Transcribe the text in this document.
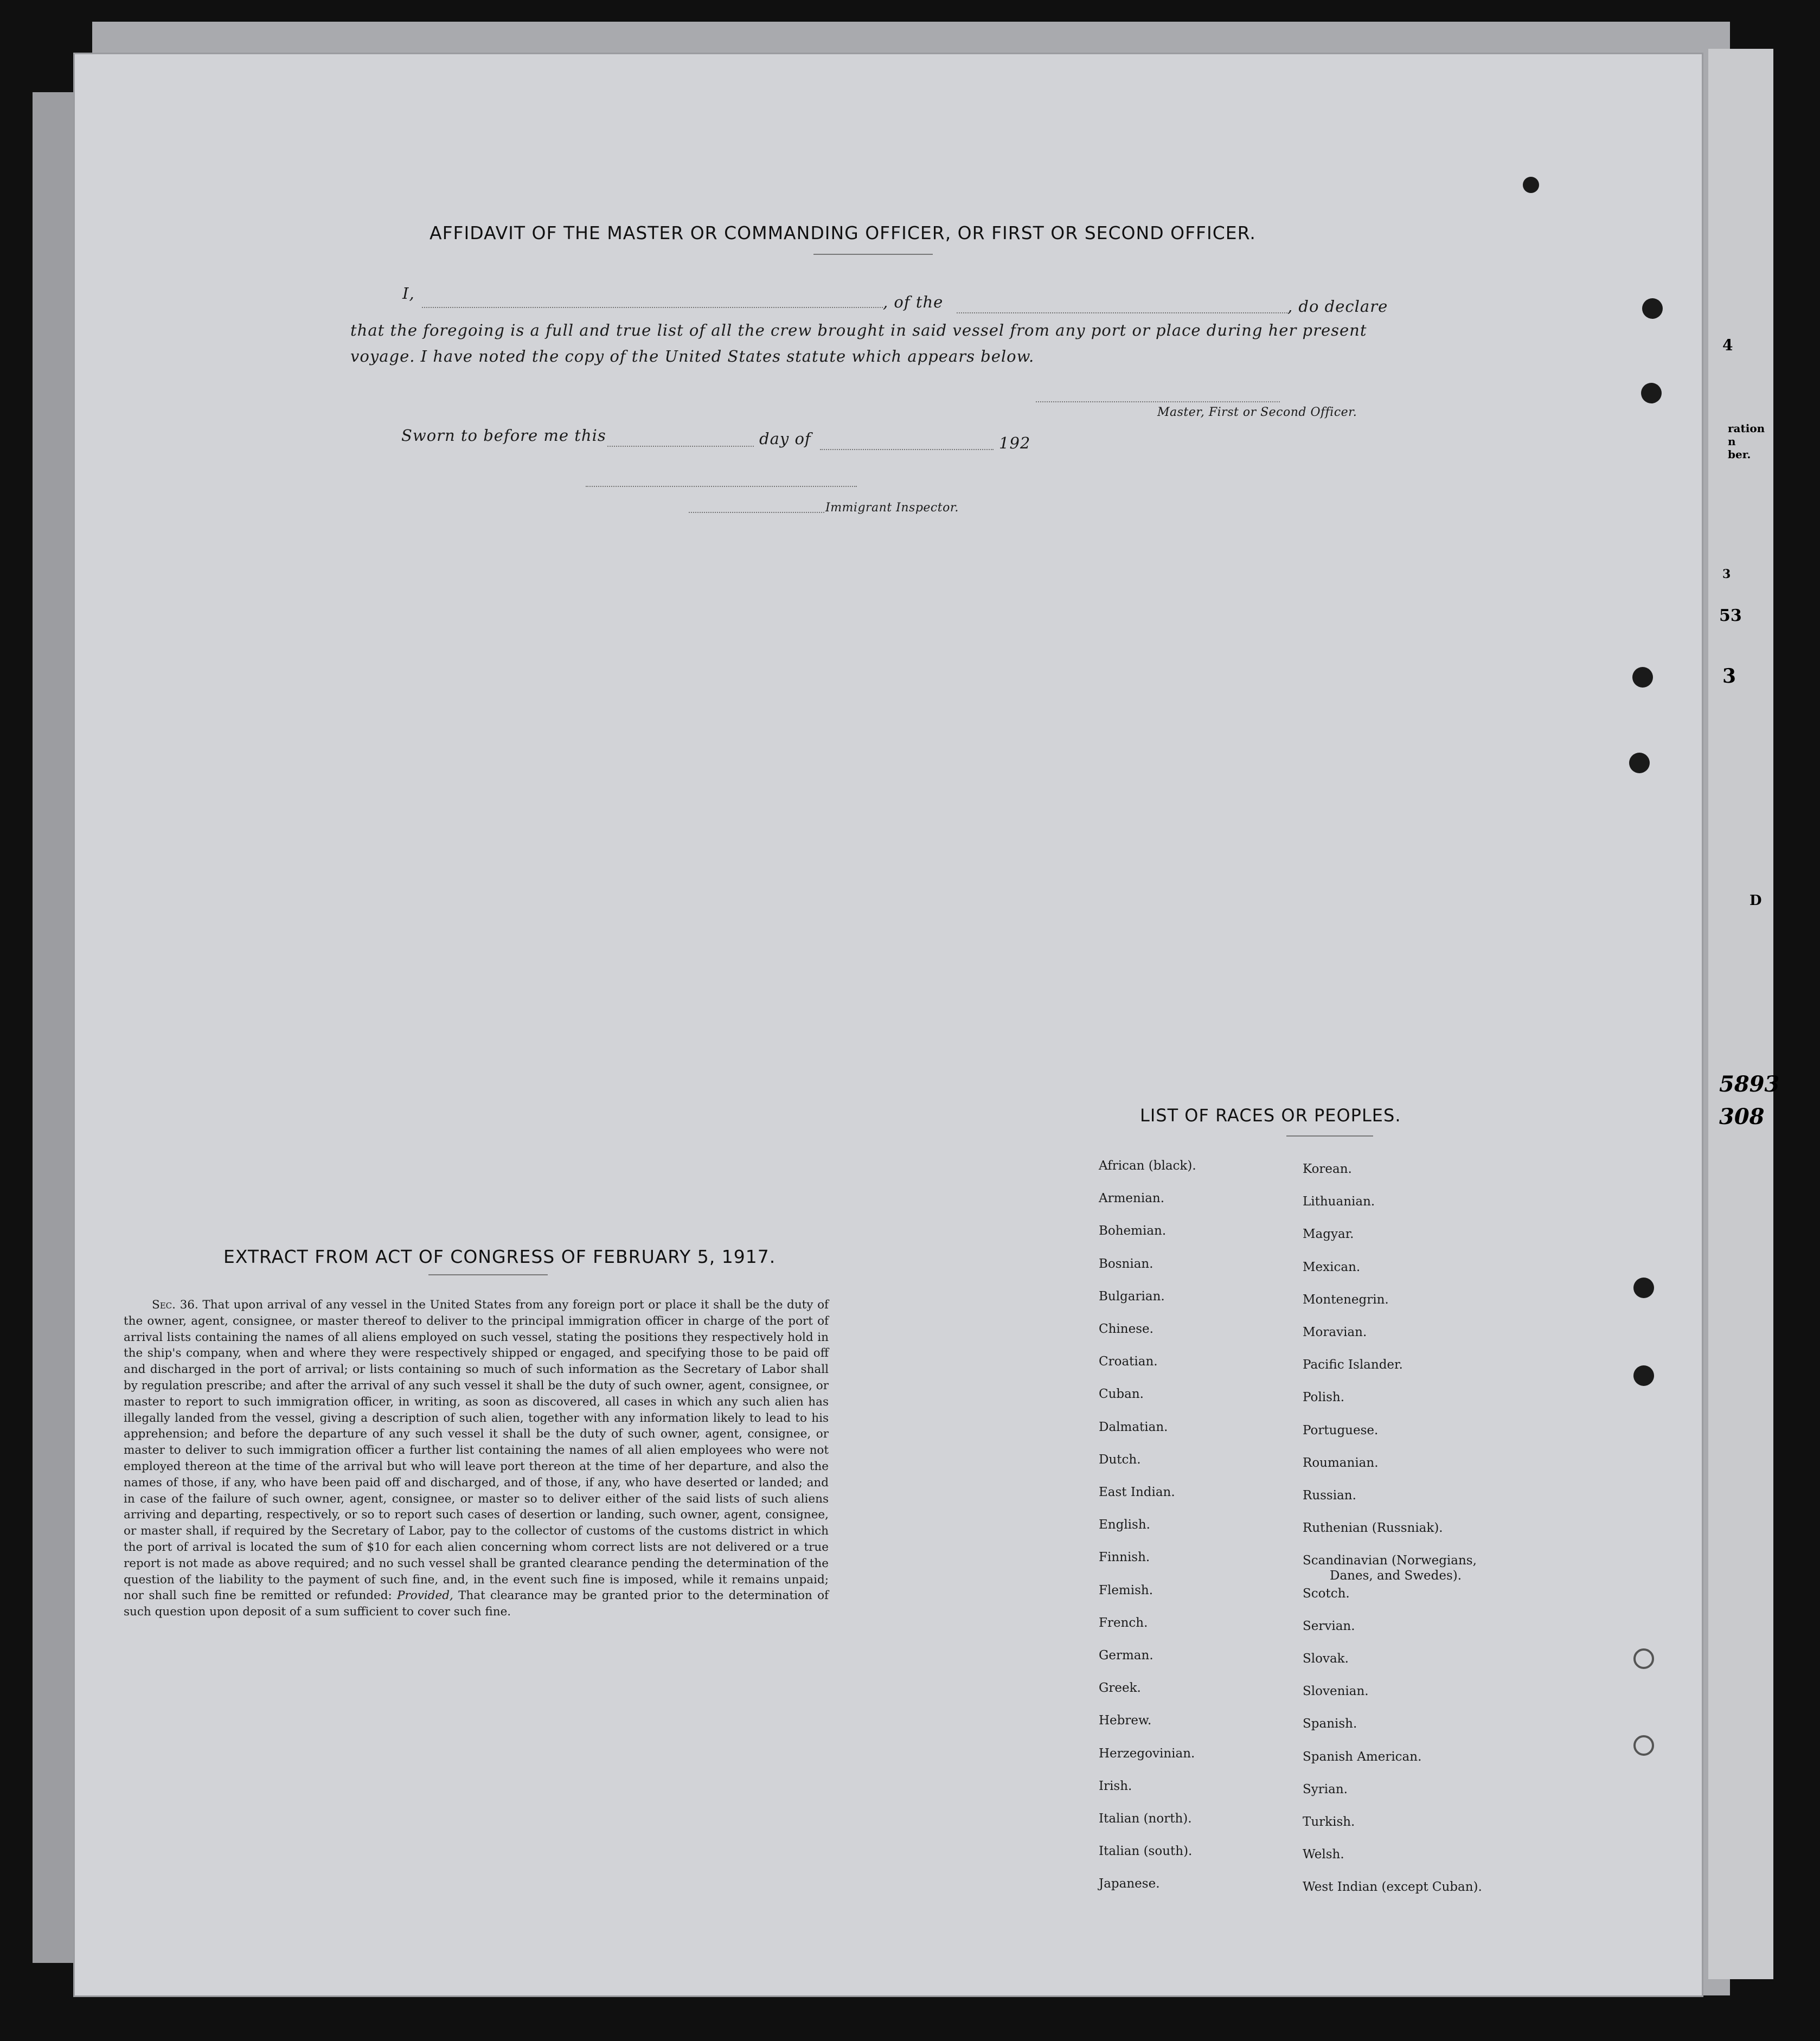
4
ration
n
ber.
3
53
3
D
5893
308
AFFIDAVIT OF THE MASTER OR COMMANDING OFFICER, OR FIRST OR SECOND OFFICER.
I,	, of the	, do declare
that the foregoing is a full and true list of all the crew brought in said vessel from any port or place during her present
voyage. I have noted the copy of the United States statute which appears below.
Master, First or Second Officer.
Sworn to before me this	day of	192
Immigrant Inspector.
EXTRACT FROM ACT OF CONGRESS OF FEBRUARY 5, 1917.
Sec. 36. That upon arrival of any vessel in the United States from any foreign port or place it shall be the duty of the owner, agent, consignee, or master thereof to deliver to the principal immigration officer in charge of the port of arrival lists containing the names of all aliens employed on such vessel, stating the positions they respectively hold in the ship's company, when and where they were respectively shipped or engaged, and specifying those to be paid off and discharged in the port of arrival; or lists containing so much of such information as the Secretary of Labor shall by regulation prescribe; and after the arrival of any such vessel it shall be the duty of such owner, agent, consignee, or master to report to such immigration officer, in writing, as soon as discovered, all cases in which any such alien has illegally landed from the vessel, giving a description of such alien, together with any information likely to lead to his apprehension; and before the departure of any such vessel it shall be the duty of such owner, agent, consignee, or master to deliver to such immigration officer a further list containing the names of all alien employees who were not employed thereon at the time of the arrival but who will leave port thereon at the time of her departure, and also the names of those, if any, who have been paid off and discharged, and of those, if any, who have deserted or landed; and in case of the failure of such owner, agent, consignee, or master so to deliver either of the said lists of such aliens arriving and departing, respectively, or so to report such cases of desertion or landing, such owner, agent, consignee, or master shall, if required by the Secretary of Labor, pay to the collector of customs of the customs district in which the port of arrival is located the sum of $10 for each alien concerning whom correct lists are not delivered or a true report is not made as above required; and no such vessel shall be granted clearance pending the determination of the question of the liability to the payment of such fine, and, in the event such fine is imposed, while it remains unpaid; nor shall such fine be remitted or refunded: Provided, That clearance may be granted prior to the determination of such question upon deposit of a sum sufficient to cover such fine.
LIST OF RACES OR PEOPLES.
African (black).
Armenian.
Bohemian.
Bosnian.
Bulgarian.
Chinese.
Croatian.
Cuban.
Dalmatian.
Dutch.
East Indian.
English.
Finnish.
Flemish.
French.
German.
Greek.
Hebrew.
Herzegovinian.
Irish.
Italian (north).
Italian (south).
Japanese.
Korean.
Lithuanian.
Magyar.
Mexican.
Montenegrin.
Moravian.
Pacific Islander.
Polish.
Portuguese.
Roumanian.
Russian.
Ruthenian (Russniak).
Scandinavian (Norwegians,
Danes, and Swedes).
Scotch.
Servian.
Slovak.
Slovenian.
Spanish.
Spanish American.
Syrian.
Turkish.
Welsh.
West Indian (except Cuban).
